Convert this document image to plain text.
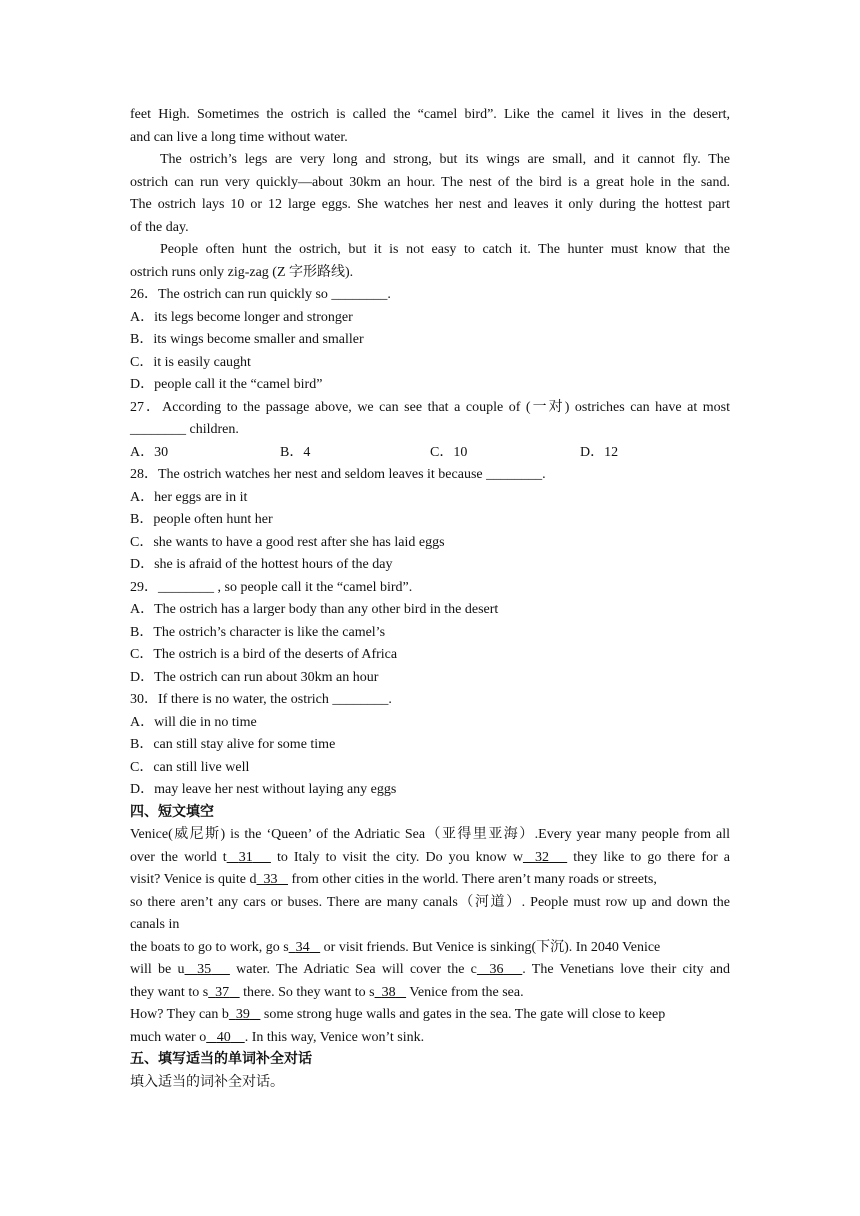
feet High. Sometimes the ostrich is called the “camel bird”. Like the camel it lives in the desert,
and can live a long time without water.
The ostrich’s legs are very long and strong, but its wings are small, and it cannot fly. The
ostrich can run very quickly—about 30km an hour. The nest of the bird is a great hole in the sand.
The ostrich lays 10 or 12 large eggs. She watches her nest and leaves it only during the hottest part
of the day.
People often hunt the ostrich, but it is not easy to catch it. The hunter must know that the
ostrich runs only zig-zag (Z 字形路线).
26．The ostrich can run quickly so ________.
A．its legs become longer and stronger
B．its wings become smaller and smaller
C．it is easily caught
D．people call it the “camel bird”
27．According to the passage above, we can see that a couple of (一对) ostriches can have at most
________ children.
A．30	B．4	C．10	D．12
28．The ostrich watches her nest and seldom leaves it because ________.
A．her eggs are in it
B．people often hunt her
C．she wants to have a good rest after she has laid eggs
D．she is afraid of the hottest hours of the day
29．________ , so people call it the “camel bird”.
A．The ostrich has a larger body than any other bird in the desert
B．The ostrich’s character is like the camel’s
C．The ostrich is a bird of the deserts of Africa
D．The ostrich can run about 30km an hour
30．If there is no water, the ostrich ________.
A．will die in no time
B．can still stay alive for some time
C．can still live well
D．may leave her nest without laying any eggs
四、短文填空
Venice(威尼斯) is the ‘Queen’ of the Adriatic Sea（亚得里亚海）.Every year many people from all
over the world t 31    to Italy to visit the city. Do you know w 32    they like to go there for a
visit? Venice is quite d 33    from other cities in the world. There aren’t many roads or streets,
so there aren’t any cars or buses. There are many canals（河道）. People must row up and down the
canals in
the boats to go to work, go s 34    or visit friends. But Venice is sinking(下沉). In 2040 Venice
will be u 35    water. The Adriatic Sea will cover the c 36 . The Venetians love their city and
they want to s 37    there. So they want to s 38    Venice from the sea.
How? They can b 39    some strong huge walls and gates in the sea. The gate will close to keep
much water o 40 . In this way, Venice won’t sink.
五、填写适当的单词补全对话
填入适当的词补全对话。
